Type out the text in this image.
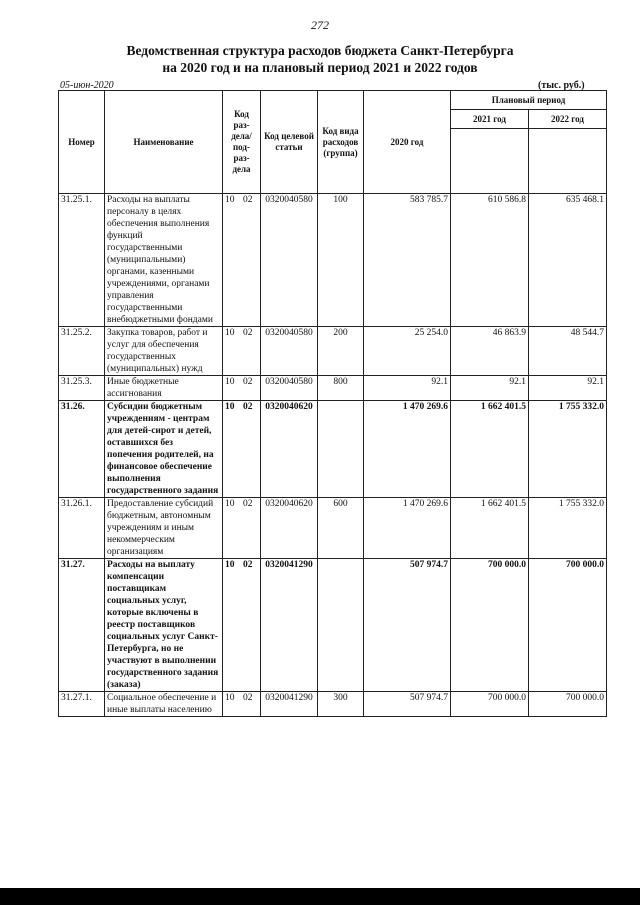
272
Ведомственная структура расходов бюджета Санкт-Петербурга
на 2020 год и на плановый период 2021 и 2022 годов
05-июн-2020	(тыс. руб.)
Номер	Наименование	Код раз-дела/ под-раз-дела	Код целевой статьи	Код вида расходов (группа)	2020 год	Плановый период	
						2021 год	2022 год

31.25.1.	Расходы на выплаты персоналу в целях обеспечения выполнения функций государственными (муниципальными) органами, казенными учреждениями, органами управления государственными внебюджетными фондами	10 02	0320040580	100	583 785.7	610 586.8	635 468.1
31.25.2.	Закупка товаров, работ и услуг для обеспечения государственных (муниципальных) нужд	10 02	0320040580	200	25 254.0	46 863.9	48 544.7
31.25.3.	Иные бюджетные ассигнования	10 02	0320040580	800	92.1	92.1	92.1
31.26.	Субсидии бюджетным учреждениям - центрам для детей-сирот и детей, оставшихся без попечения родителей, на финансовое обеспечение выполнения государственного задания	10 02	0320040620		1 470 269.6	1 662 401.5	1 755 332.0
31.26.1.	Предоставление субсидий бюджетным, автономным учреждениям и иным некоммерческим организациям	10 02	0320040620	600	1 470 269.6	1 662 401.5	1 755 332.0
31.27.	Расходы на выплату компенсации поставщикам социальных услуг, которые включены в реестр поставщиков социальных услуг Санкт-Петербурга, но не участвуют в выполнении государственного задания (заказа)	10 02	0320041290		507 974.7	700 000.0	700 000.0
31.27.1.	Социальное обеспечение и иные выплаты населению	10 02	0320041290	300	507 974.7	700 000.0	700 000.0
